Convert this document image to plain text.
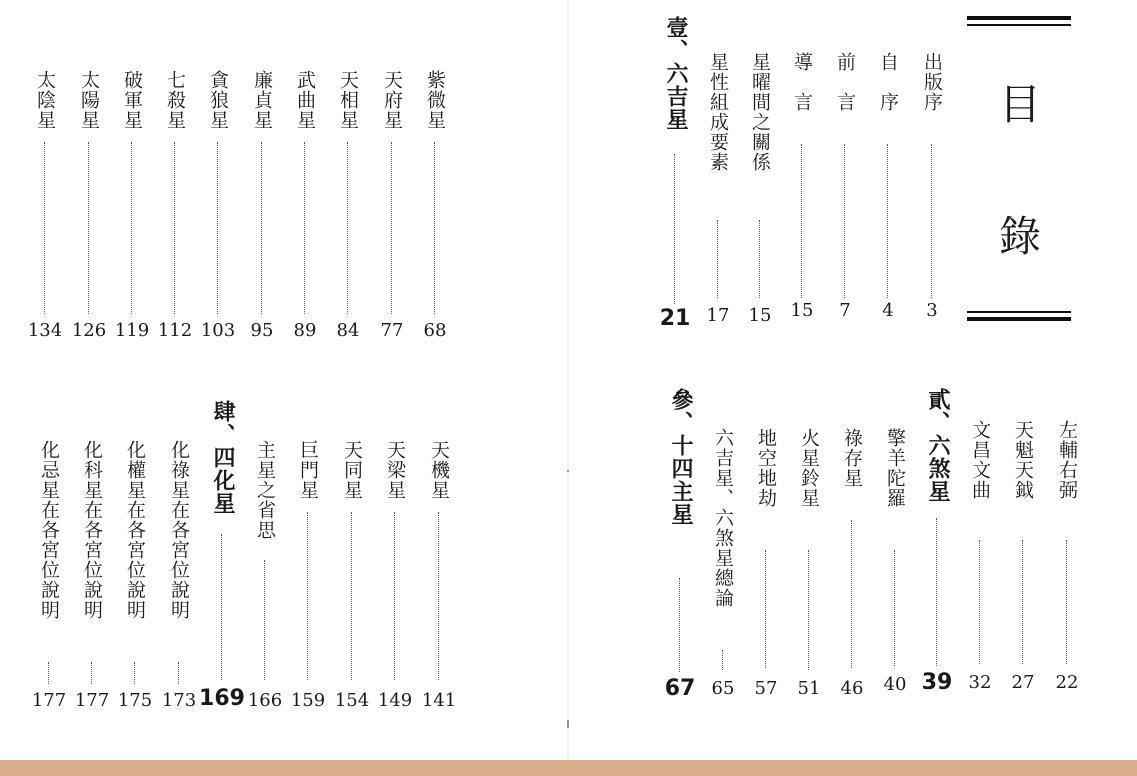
目
錄
出版序
3
自　序
4
前　言
7
導　言
15
星曜間之關係
15
星性組成要素
17
壹、六吉星
21
左輔右弼
22
天魁天鉞
27
文昌文曲
32
貳、六煞星
39
擎羊陀羅
40
祿存星
46
火星鈴星
51
地空地劫
57
六吉星、六煞星總論
65
參、十四主星
67
紫微星
68
天府星
77
天相星
84
武曲星
89
廉貞星
95
貪狼星
103
七殺星
112
破軍星
119
太陽星
126
太陰星
134
天機星
141
天梁星
149
天同星
154
巨門星
159
主星之省思
166
肆、四化星
169
化祿星在各宮位說明
173
化權星在各宮位說明
175
化科星在各宮位說明
177
化忌星在各宮位說明
177
